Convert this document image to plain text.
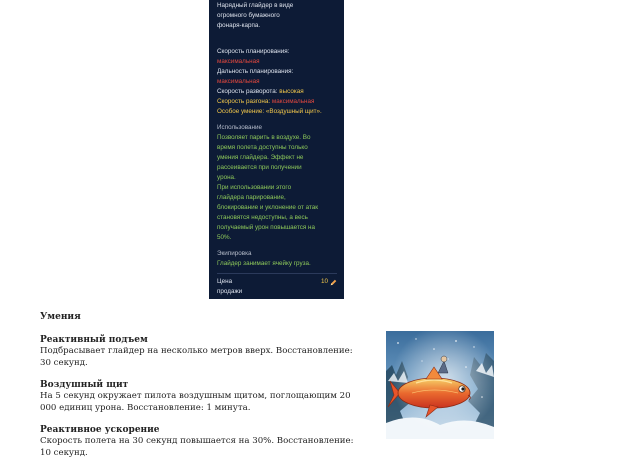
Нарядный глайдер в виде
огромного бумажного
фонаря-карпа.
Скорость планирования:
максимальная
Дальность планирования:
максимальная
Скорость разворота: высокая
Скорость разгона: максимальная
Особое умение: «Воздушный щит».
Использование
Позволяет парить в воздухе. Во
время полета доступны только
умения глайдера. Эффект не
рассеивается при получении
урона.
При использовании этого
глайдера парирование,
блокирование и уклонение от атак
становятся недоступны, а весь
получаемый урон повышается на
50%.
Экипировка
Глайдер занимает ячейку груза.
Цена
продажи
10
Умения
Реактивный подъем
Подбрасывает глайдер на несколько метров вверх. Восстановление:
30 секунд.
Воздушный щит
На 5 секунд окружает пилота воздушным щитом, поглощающим 20
000 единиц урона. Восстановление: 1 минута.
Реактивное ускорение
Скорость полета на 30 секунд повышается на 30%. Восстановление:
10 секунд.
